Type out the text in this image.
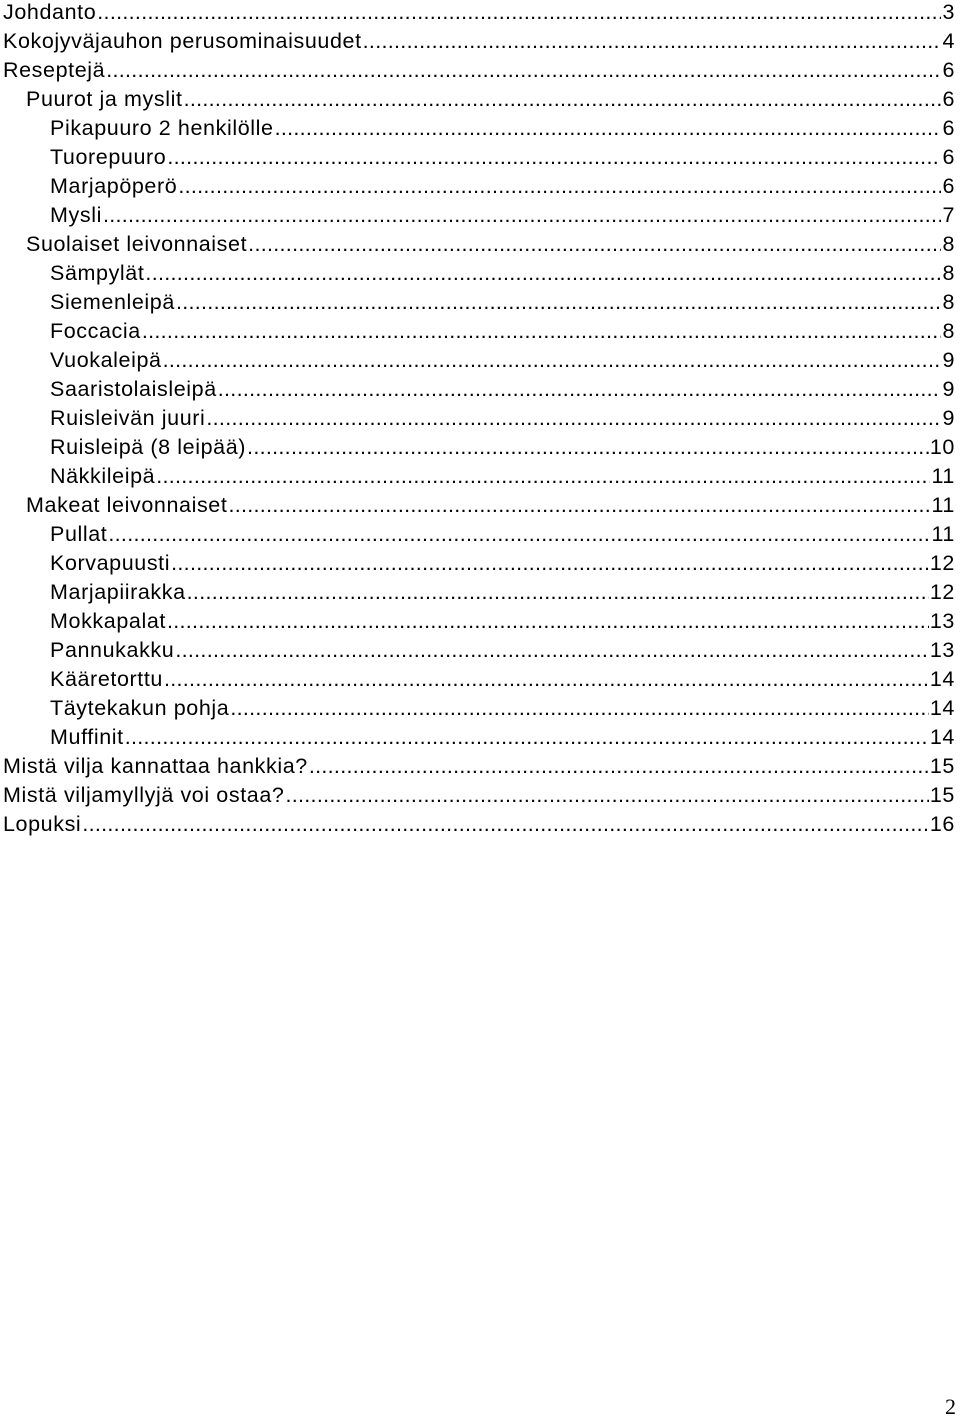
Johdanto .....	3
Kokojyväjauhon perusominaisuudet .....	4
Reseptejä .....	6
Puurot ja myslit .....	6
Pikapuuro 2 henkilölle .....	6
Tuorepuuro .....	6
Marjapöperö .....	6
Mysli .....	7
Suolaiset leivonnaiset .....	8
Sämpylät .....	8
Siemenleipä .....	8
Foccacia .....	8
Vuokaleipä .....	9
Saaristolaisleipä .....	9
Ruisleivän juuri .....	9
Ruisleipä (8 leipää) .....	10
Näkkileipä .....	11
Makeat leivonnaiset .....	11
Pullat .....	11
Korvapuusti .....	12
Marjapiirakka .....	12
Mokkapalat .....	13
Pannukakku .....	13
Kääretorttu .....	14
Täytekakun pohja .....	14
Muffinit .....	14
Mistä vilja kannattaa hankkia? .....	15
Mistä viljamyllyjä voi ostaa? .....	15
Lopuksi .....	16
2
